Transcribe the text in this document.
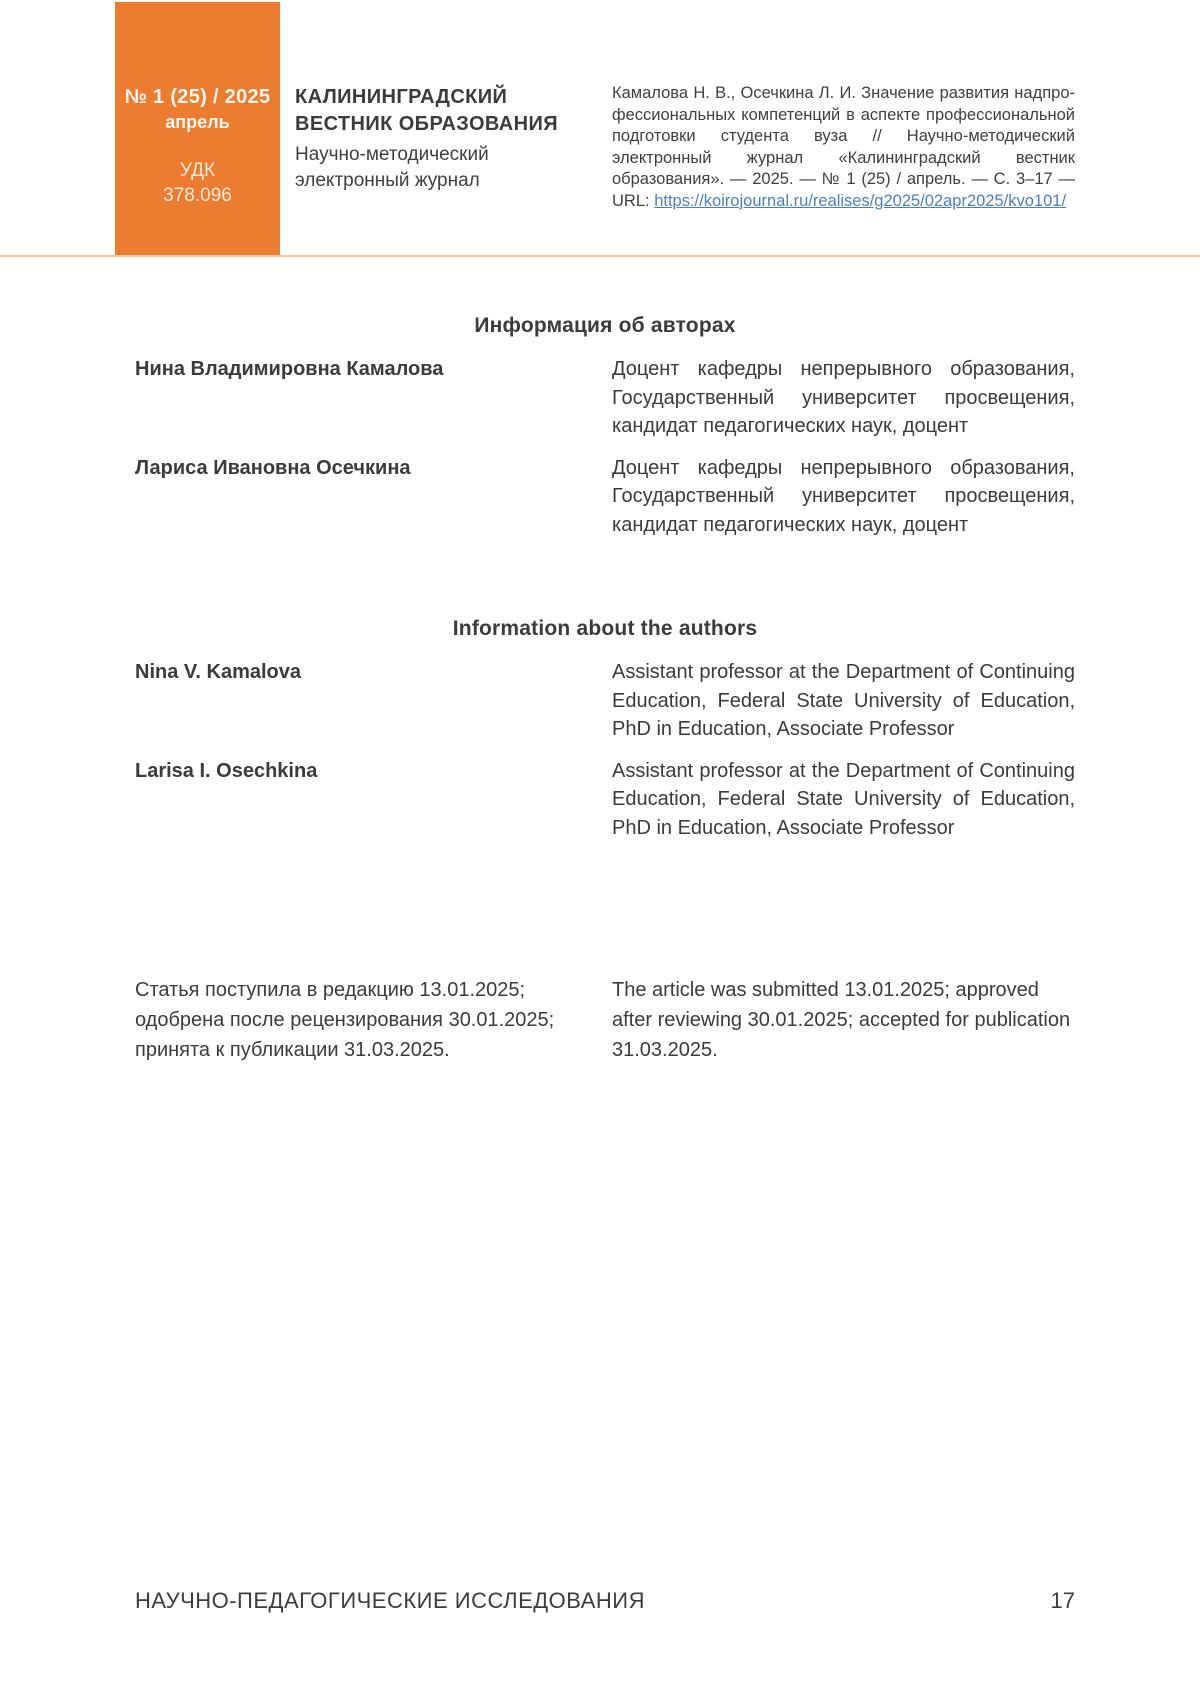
№ 1 (25) / 2025
апрель
УДК
378.096
КАЛИНИНГРАДСКИЙ
ВЕСТНИК ОБРАЗОВАНИЯ
Научно-методический
электронный журнал
Камалова Н. В., Осечкина Л. И. Значение развития надпрофессиональных компетенций в аспекте профессиональной подготовки студента вуза // Научно-методический электронный журнал «Калининградский вестник образования». — 2025. — № 1 (25) / апрель. — С. 3–17 — URL: https://koirojournal.ru/realises/g2025/02apr2025/kvo101/
Информация об авторах
Нина Владимировна Камалова	Доцент кафедры непрерывного образования, Государственный университет просвещения, кандидат педагогических наук, доцент
Лариса Ивановна Осечкина	Доцент кафедры непрерывного образования, Государственный университет просвещения, кандидат педагогических наук, доцент
Information about the authors
Nina V. Kamalova	Assistant professor at the Department of Continuing Education, Federal State University of Education, PhD in Education, Associate Professor
Larisa I. Osechkina	Assistant professor at the Department of Continuing Education, Federal State University of Education, PhD in Education, Associate Professor
Статья поступила в редакцию 13.01.2025; одобрена после рецензирования 30.01.2025; принята к публикации 31.03.2025.
The article was submitted 13.01.2025; approved after reviewing 30.01.2025; accepted for publication 31.03.2025.
НАУЧНО-ПЕДАГОГИЧЕСКИЕ ИССЛЕДОВАНИЯ	17
